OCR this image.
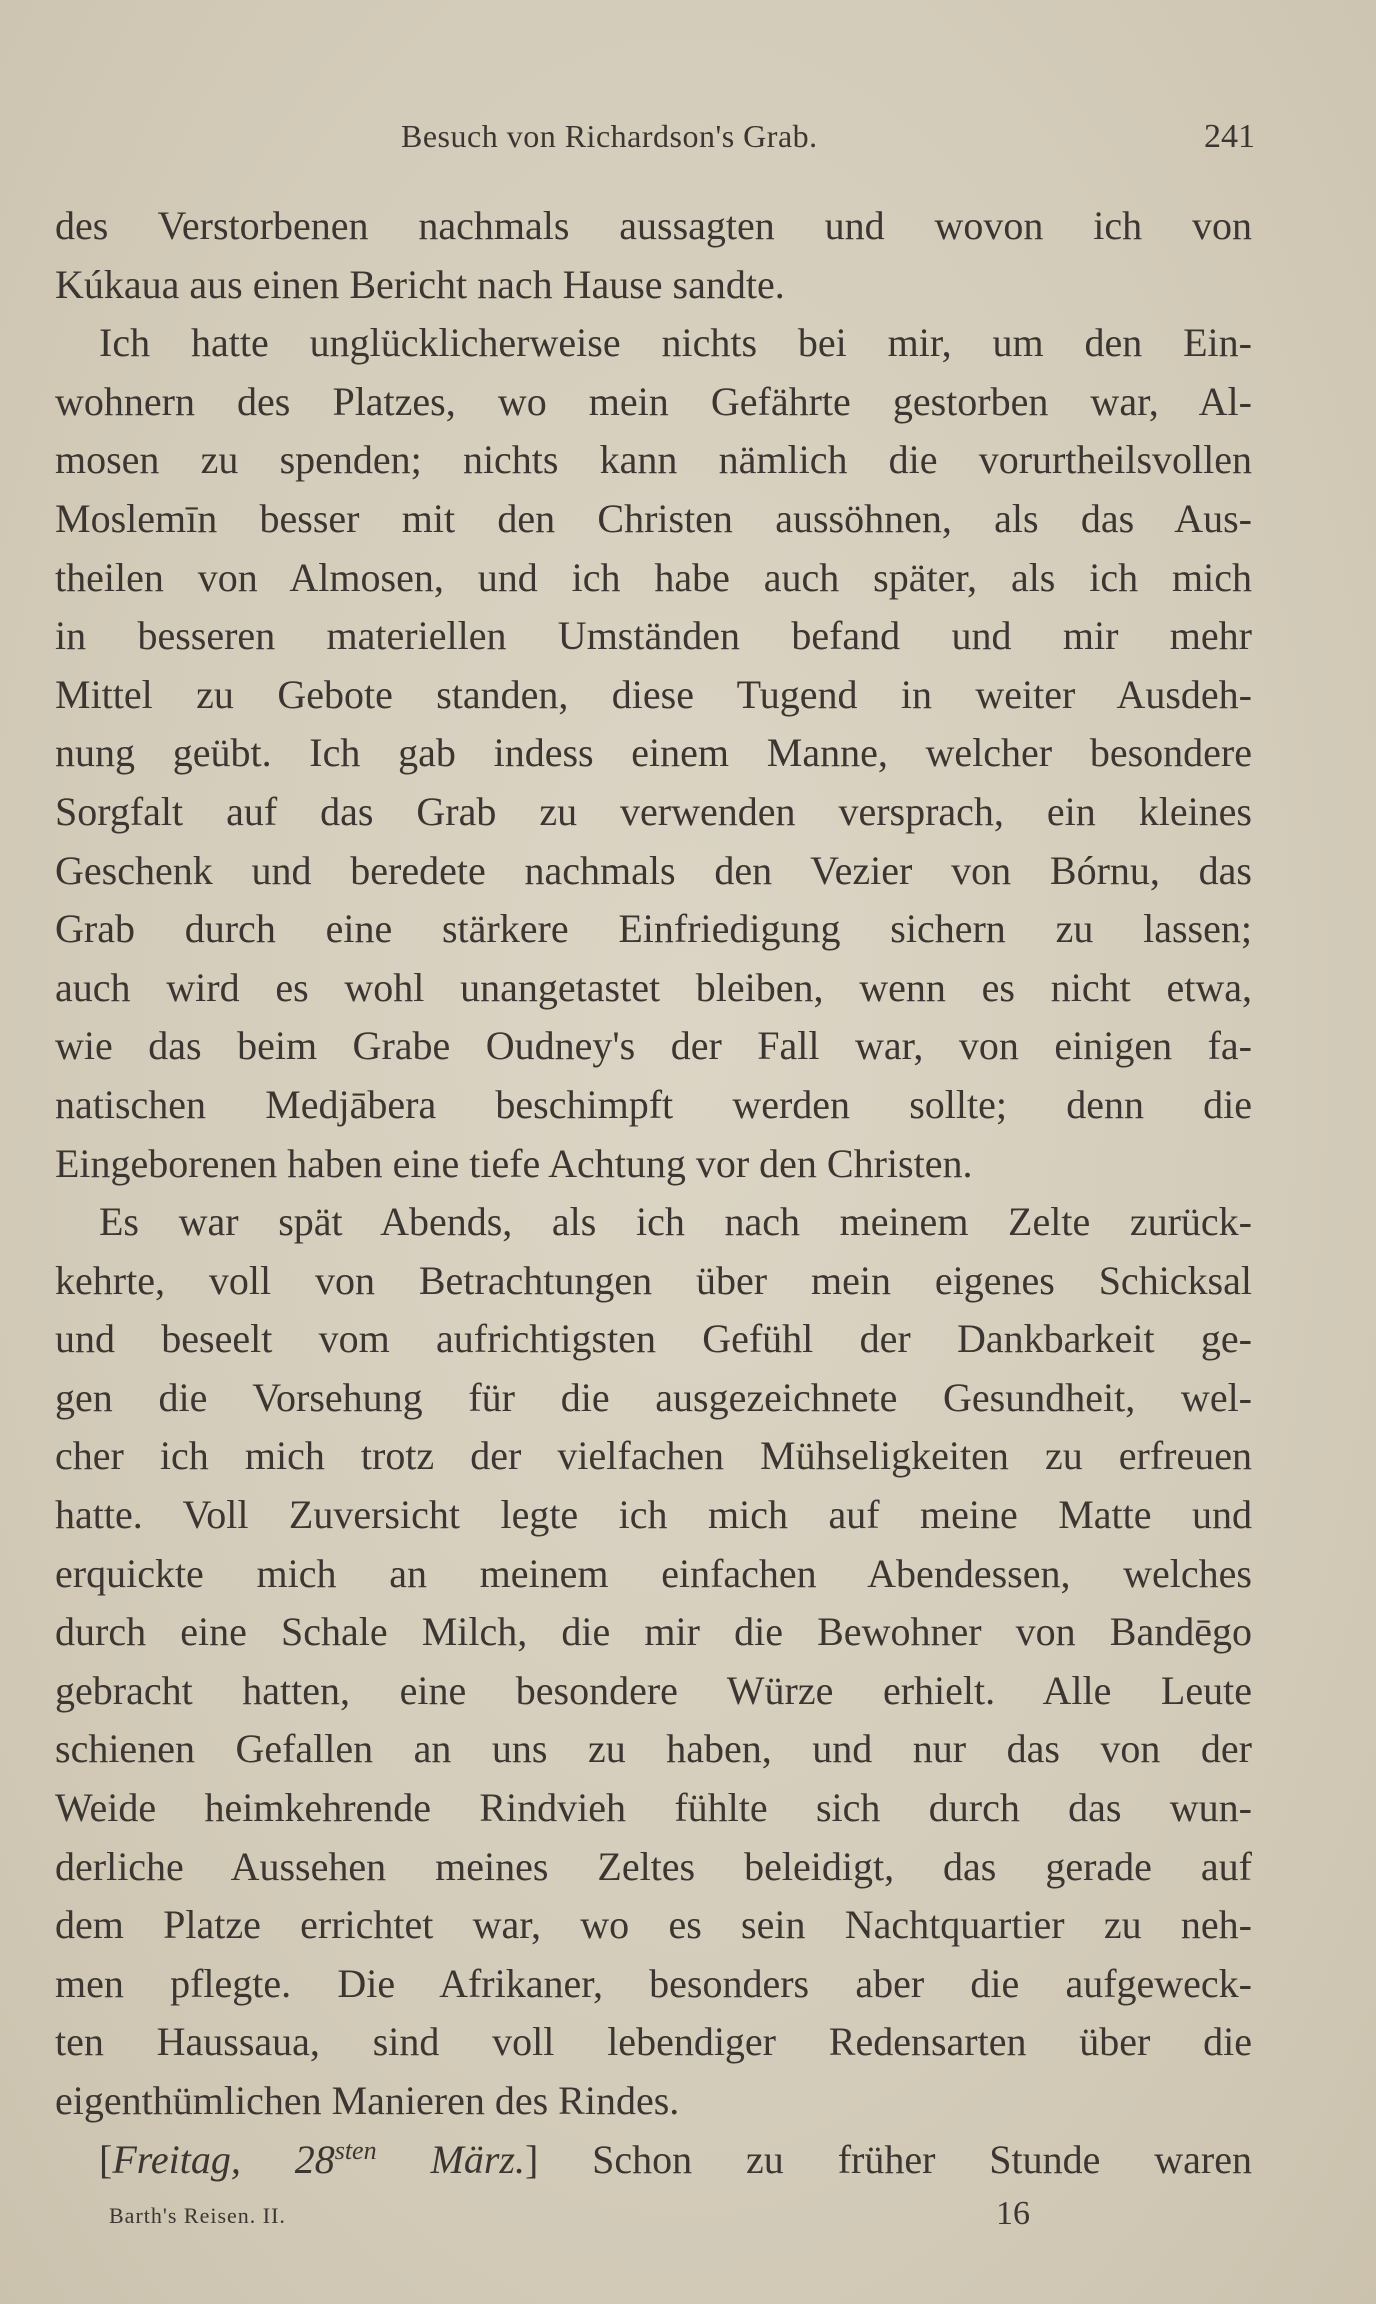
Besuch von Richardson's Grab.	241
des Verstorbenen nachmals aussagten und wovon ich von
Kúkaua aus einen Bericht nach Hause sandte.
Ich hatte unglücklicherweise nichts bei mir, um den Ein-
wohnern des Platzes, wo mein Gefährte gestorben war, Al-
mosen zu spenden; nichts kann nämlich die vorurtheilsvollen
Moslemīn besser mit den Christen aussöhnen, als das Aus-
theilen von Almosen, und ich habe auch später, als ich mich
in besseren materiellen Umständen befand und mir mehr
Mittel zu Gebote standen, diese Tugend in weiter Ausdeh-
nung geübt. Ich gab indess einem Manne, welcher besondere
Sorgfalt auf das Grab zu verwenden versprach, ein kleines
Geschenk und beredete nachmals den Vezier von Bórnu, das
Grab durch eine stärkere Einfriedigung sichern zu lassen;
auch wird es wohl unangetastet bleiben, wenn es nicht etwa,
wie das beim Grabe Oudney's der Fall war, von einigen fa-
natischen Medjābera beschimpft werden sollte; denn die
Eingeborenen haben eine tiefe Achtung vor den Christen.
Es war spät Abends, als ich nach meinem Zelte zurück-
kehrte, voll von Betrachtungen über mein eigenes Schicksal
und beseelt vom aufrichtigsten Gefühl der Dankbarkeit ge-
gen die Vorsehung für die ausgezeichnete Gesundheit, wel-
cher ich mich trotz der vielfachen Mühseligkeiten zu erfreuen
hatte. Voll Zuversicht legte ich mich auf meine Matte und
erquickte mich an meinem einfachen Abendessen, welches
durch eine Schale Milch, die mir die Bewohner von Bandēgo
gebracht hatten, eine besondere Würze erhielt. Alle Leute
schienen Gefallen an uns zu haben, und nur das von der
Weide heimkehrende Rindvieh fühlte sich durch das wun-
derliche Aussehen meines Zeltes beleidigt, das gerade auf
dem Platze errichtet war, wo es sein Nachtquartier zu neh-
men pflegte. Die Afrikaner, besonders aber die aufgeweck-
ten Haussaua, sind voll lebendiger Redensarten über die
eigenthümlichen Manieren des Rindes.
[Freitag, $28^{sten}$ März.] Schon zu früher Stunde waren
Barth's Reisen. II.	16
